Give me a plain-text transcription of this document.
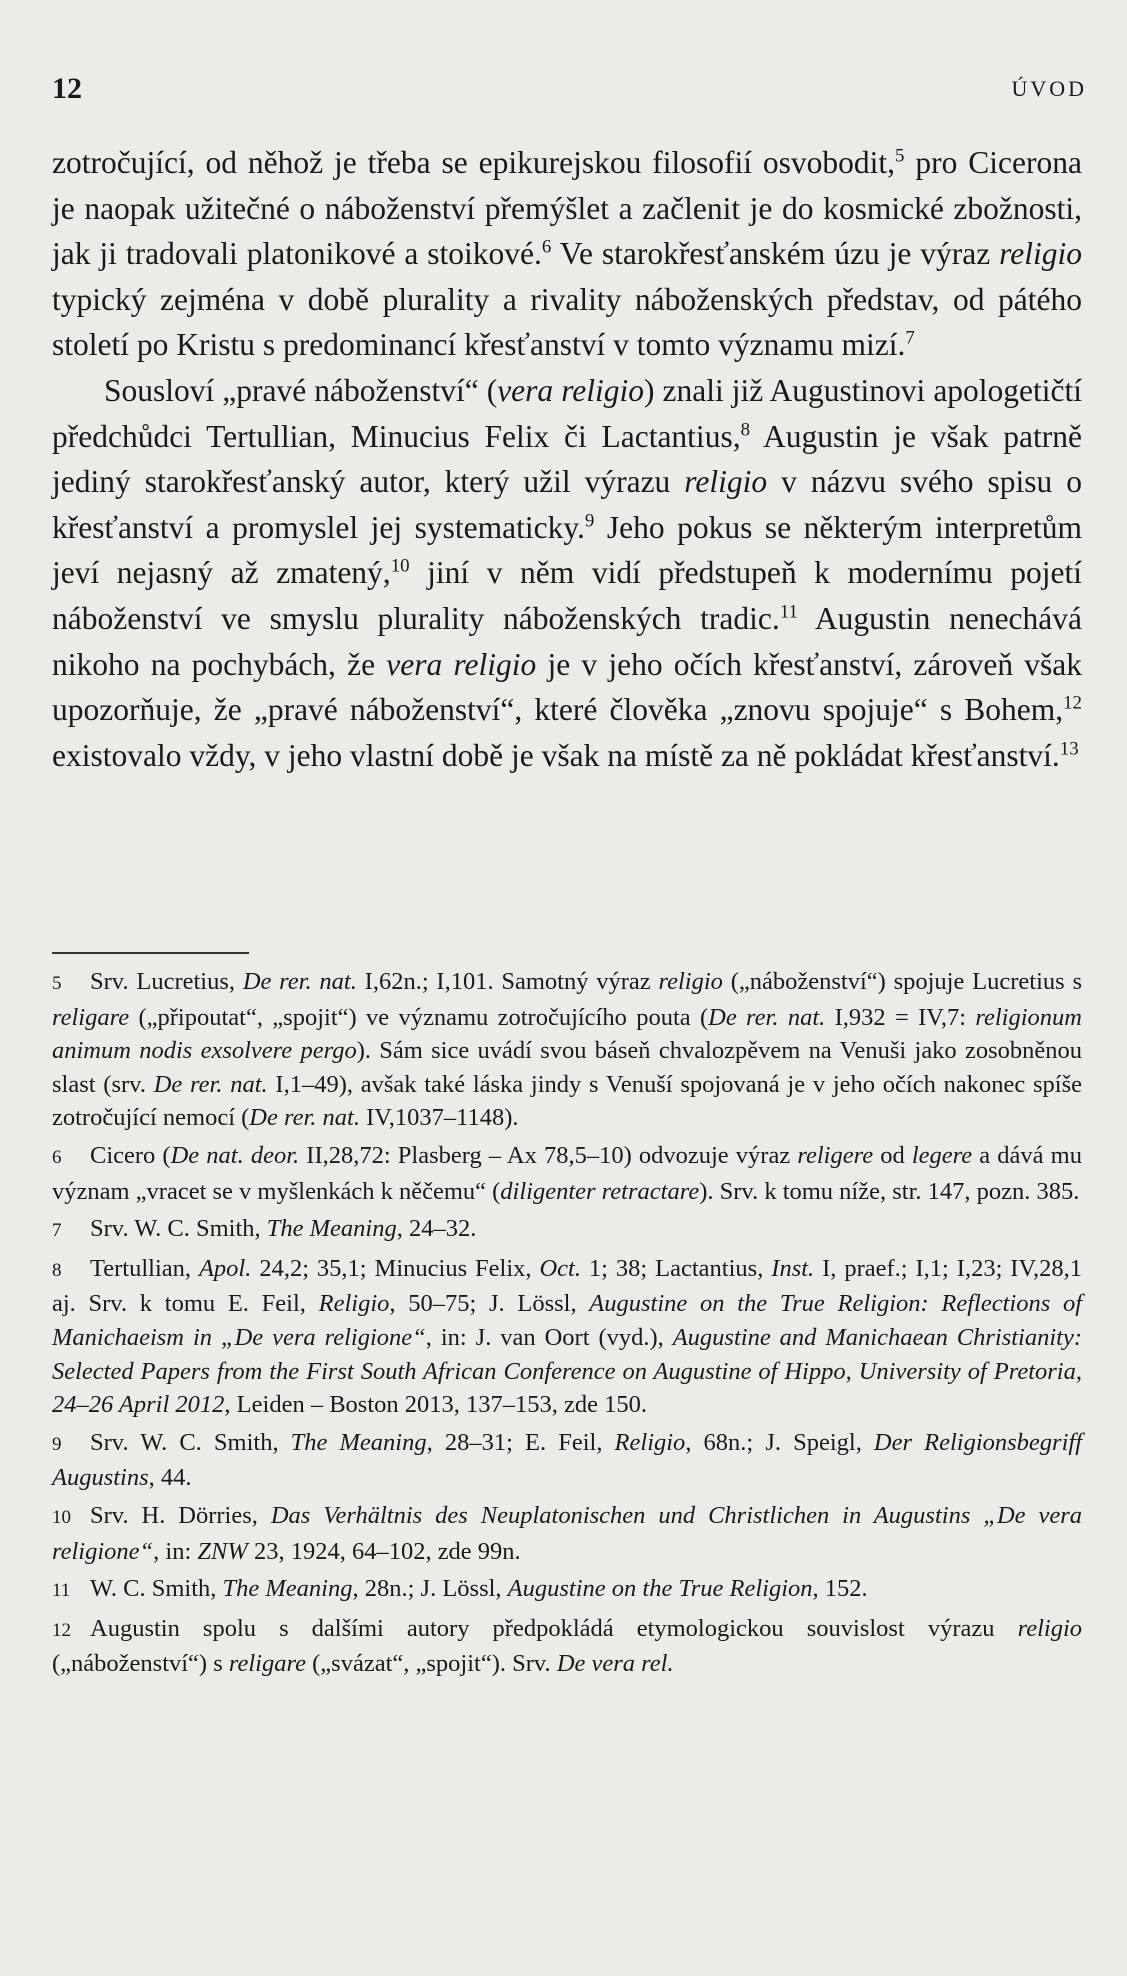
12	ÚVOD

zotročující, od něhož je třeba se epikurejskou filosofií osvobodit,$^5$ pro Cicerona je naopak užitečné o náboženství přemýšlet a začlenit je do kosmické zbožnosti, jak ji tradovali platonikové a stoikové.$^6$ Ve starokřesťanském úzu je výraz religio typický zejména v době plurality a rivality náboženských představ, od pátého století po Kristu s predominancí křesťanství v tomto významu mizí.$^7$

Sousloví „pravé náboženství“ (vera religio) znali již Augustinovi apologetičtí předchůdci Tertullian, Minucius Felix či Lactantius,$^8$ Augustin je však patrně jediný starokřesťanský autor, který užil výrazu religio v názvu svého spisu o křesťanství a promyslel jej systematicky.$^9$ Jeho pokus se některým interpretům jeví nejasný až zmatený,$^{10}$ jiní v něm vidí předstupeň k modernímu pojetí náboženství ve smyslu plurality náboženských tradic.$^{11}$ Augustin nenechává nikoho na pochybách, že vera religio je v jeho očích křesťanství, zároveň však upozorňuje, že „pravé náboženství“, které člověka „znovu spojuje“ s Bohem,$^{12}$ existovalo vždy, v jeho vlastní době je však na místě za ně pokládat křesťanství.$^{13}$

5 Srv. Lucretius, De rer. nat. I,62n.; I,101. Samotný výraz religio („náboženství“) spojuje Lucretius s religare („připoutat“, „spojit“) ve významu zotročujícího pouta (De rer. nat. I,932 = IV,7: religionum animum nodis exsolvere pergo). Sám sice uvádí svou báseň chvalozpěvem na Venuši jako zosobněnou slast (srv. De rer. nat. I,1–49), avšak také láska jindy s Venuší spojovaná je v jeho očích nakonec spíše zotročující nemocí (De rer. nat. IV,1037–1148).

6 Cicero (De nat. deor. II,28,72: Plasberg – Ax 78,5–10) odvozuje výraz religere od legere a dává mu význam „vracet se v myšlenkách k něčemu“ (diligenter retractare). Srv. k tomu níže, str. 147, pozn. 385.

7 Srv. W. C. Smith, The Meaning, 24–32.

8 Tertullian, Apol. 24,2; 35,1; Minucius Felix, Oct. 1; 38; Lactantius, Inst. I, praef.; I,1; I,23; IV,28,1 aj. Srv. k tomu E. Feil, Religio, 50–75; J. Lössl, Augustine on the True Religion: Reflections of Manichaeism in „De vera religione“, in: J. van Oort (vyd.), Augustine and Manichaean Christianity: Selected Papers from the First South African Conference on Augustine of Hippo, University of Pretoria, 24–26 April 2012, Leiden – Boston 2013, 137–153, zde 150.

9 Srv. W. C. Smith, The Meaning, 28–31; E. Feil, Religio, 68n.; J. Speigl, Der Religionsbegriff Augustins, 44.

10 Srv. H. Dörries, Das Verhältnis des Neuplatonischen und Christlichen in Augustins „De vera religione“, in: ZNW 23, 1924, 64–102, zde 99n.

11 W. C. Smith, The Meaning, 28n.; J. Lössl, Augustine on the True Religion, 152.

12 Augustin spolu s dalšími autory předpokládá etymologickou souvislost výrazu religio („náboženství“) s religare („svázat“, „spojit“). Srv. De vera rel.
